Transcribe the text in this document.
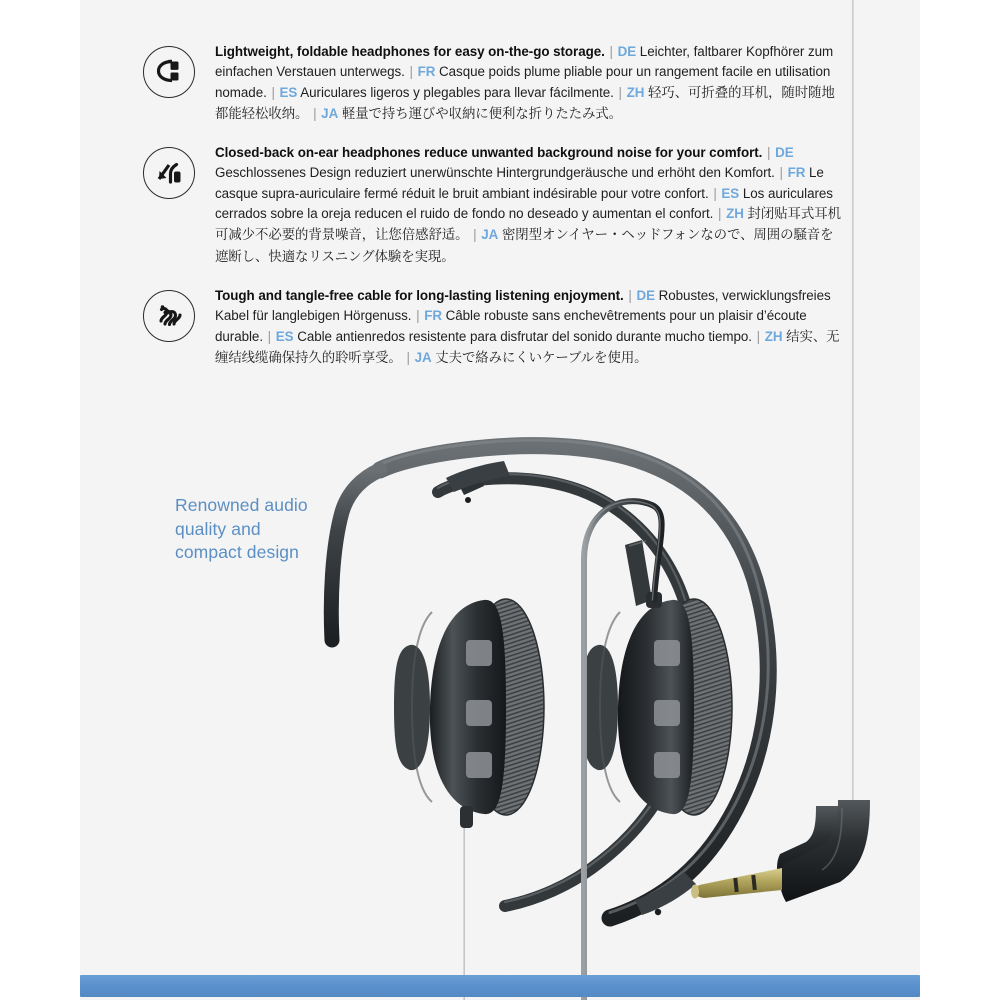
Lightweight, foldable headphones for easy on-the-go storage. | DE Leichter, faltbarer Kopfhörer zum einfachen Verstauen unterwegs. | FR Casque poids plume pliable pour un rangement facile en utilisation nomade. | ES Auriculares ligeros y plegables para llevar fácilmente. | ZH 轻巧、可折叠的耳机，随时随地都能轻松收纳。 | JA 軽量で持ち運びや収納に便利な折りたたみ式。
Closed-back on-ear headphones reduce unwanted background noise for your comfort. | DE Geschlossenes Design reduziert unerwünschte Hintergrundgeräusche und erhöht den Komfort. | FR Le casque supra-auriculaire fermé réduit le bruit ambiant indésirable pour votre confort. | ES Los auriculares cerrados sobre la oreja reducen el ruido de fondo no deseado y aumentan el confort. | ZH 封闭贴耳式耳机可减少不必要的背景噪音，让您倍感舒适。 | JA 密閉型オンイヤー・ヘッドフォンなので、周囲の騒音を遮断し、快適なリスニング体験を実現。
Tough and tangle-free cable for long-lasting listening enjoyment. | DE Robustes, verwicklungsfreies Kabel für langlebigen Hörgenuss. | FR Câble robuste sans enchevêtrements pour un plaisir d’écoute durable. | ES Cable antienredos resistente para disfrutar del sonido durante mucho tiempo. | ZH 结实、无缠结线缆确保持久的聆听享受。 | JA 丈夫で絡みにくいケーブルを使用。
Renowned audio quality and compact design
